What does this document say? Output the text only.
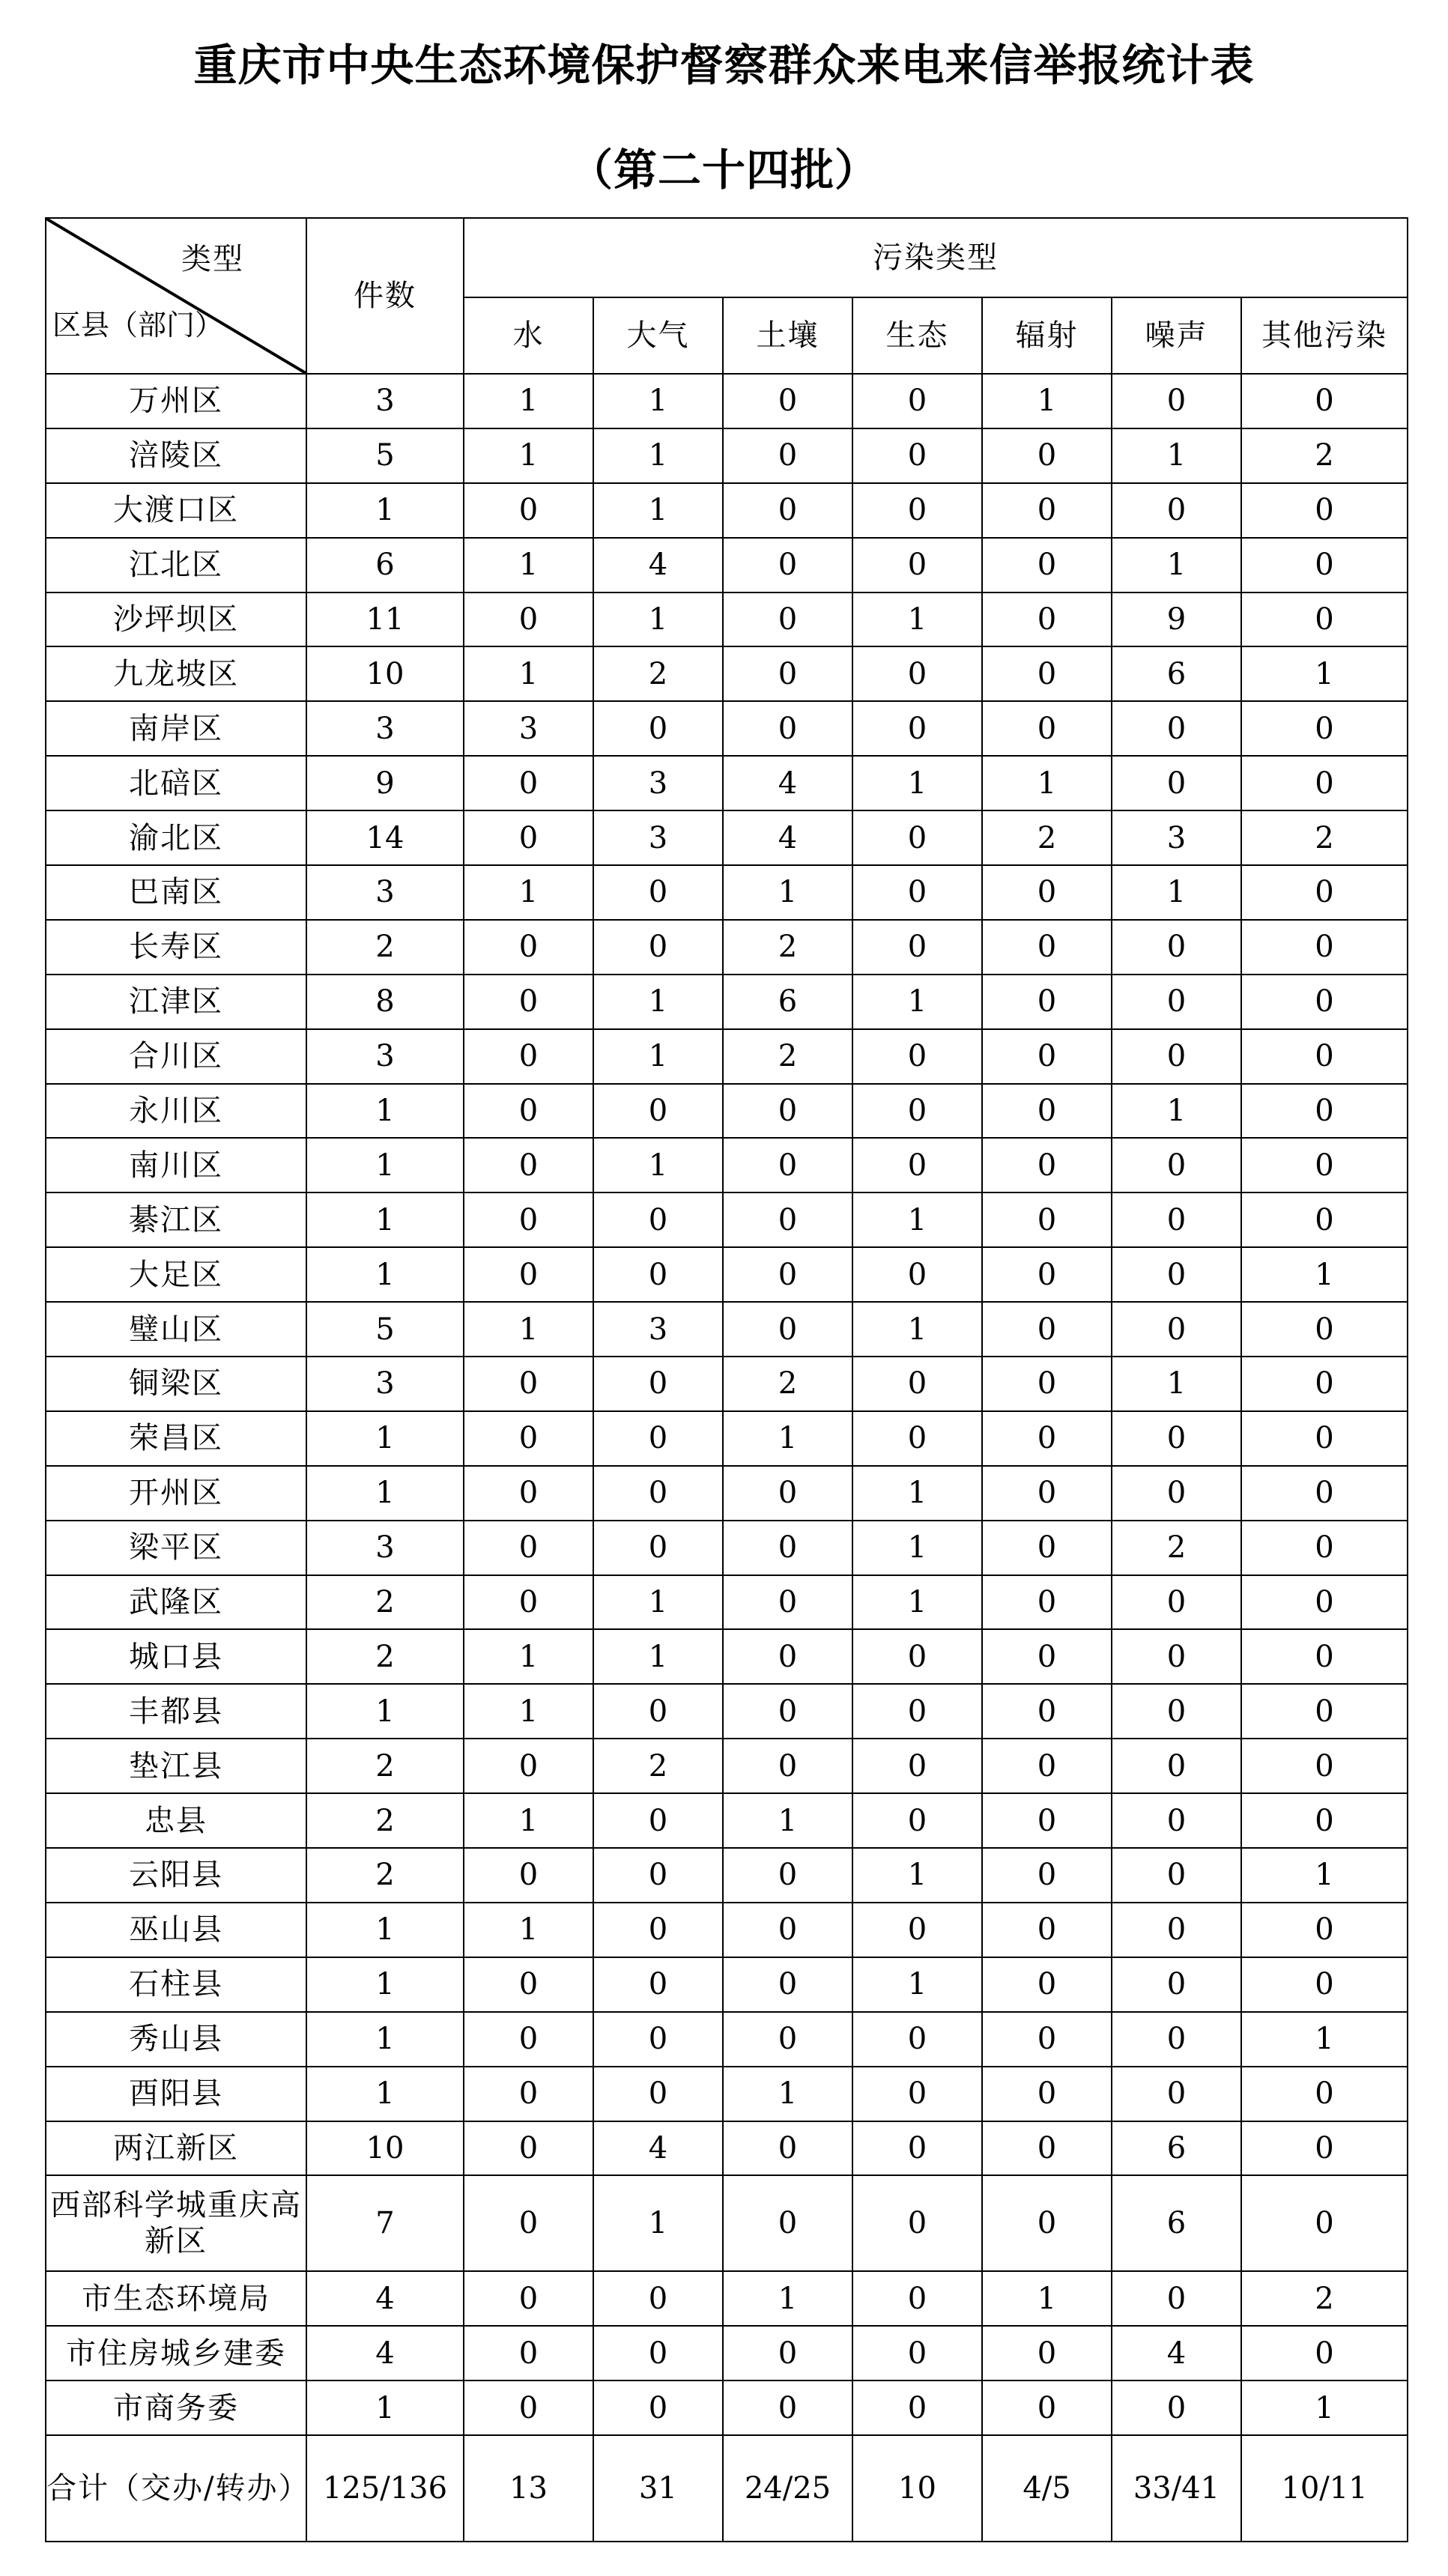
重庆市中央生态环境保护督察群众来电来信举报统计表
（第二十四批）
类型
区县（部门）	件数	污染类型						
		水	大气	土壤	生态	辐射	噪声	其他污染
万州区	3	1	1	0	0	1	0	0
涪陵区	5	1	1	0	0	0	1	2
大渡口区	1	0	1	0	0	0	0	0
江北区	6	1	4	0	0	0	1	0
沙坪坝区	11	0	1	0	1	0	9	0
九龙坡区	10	1	2	0	0	0	6	1
南岸区	3	3	0	0	0	0	0	0
北碚区	9	0	3	4	1	1	0	0
渝北区	14	0	3	4	0	2	3	2
巴南区	3	1	0	1	0	0	1	0
长寿区	2	0	0	2	0	0	0	0
江津区	8	0	1	6	1	0	0	0
合川区	3	0	1	2	0	0	0	0
永川区	1	0	0	0	0	0	1	0
南川区	1	0	1	0	0	0	0	0
綦江区	1	0	0	0	1	0	0	0
大足区	1	0	0	0	0	0	0	1
璧山区	5	1	3	0	1	0	0	0
铜梁区	3	0	0	2	0	0	1	0
荣昌区	1	0	0	1	0	0	0	0
开州区	1	0	0	0	1	0	0	0
梁平区	3	0	0	0	1	0	2	0
武隆区	2	0	1	0	1	0	0	0
城口县	2	1	1	0	0	0	0	0
丰都县	1	1	0	0	0	0	0	0
垫江县	2	0	2	0	0	0	0	0
忠县	2	1	0	1	0	0	0	0
云阳县	2	0	0	0	1	0	0	1
巫山县	1	1	0	0	0	0	0	0
石柱县	1	0	0	0	1	0	0	0
秀山县	1	0	0	0	0	0	0	1
酉阳县	1	0	0	1	0	0	0	0
两江新区	10	0	4	0	0	0	6	0
西部科学城重庆高新区	7	0	1	0	0	0	6	0
市生态环境局	4	0	0	1	0	1	0	2
市住房城乡建委	4	0	0	0	0	0	4	0
市商务委	1	0	0	0	0	0	0	1
合计（交办/转办）	125/136	13	31	24/25	10	4/5	33/41	10/11
